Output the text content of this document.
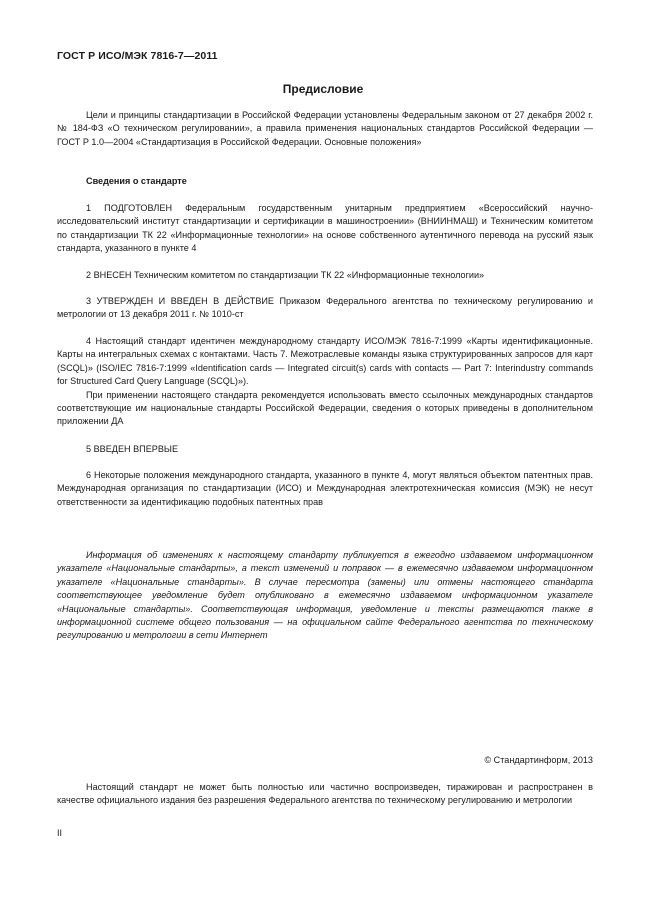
ГОСТ Р ИСО/МЭК 7816-7—2011
Предисловие

Цели и принципы стандартизации в Российской Федерации установлены Федеральным законом от 27 декабря 2002 г. № 184-ФЗ «О техническом регулировании», а правила применения национальных стандартов Российской Федерации — ГОСТ Р 1.0—2004 «Стандартизация в Российской Федерации. Основные положения»

Сведения о стандарте

1 ПОДГОТОВЛЕН Федеральным государственным унитарным предприятием «Всероссийский научно-исследовательский институт стандартизации и сертификации в машиностроении» (ВНИИНМАШ) и Техническим комитетом по стандартизации ТК 22 «Информационные технологии» на основе собственного аутентичного перевода на русский язык стандарта, указанного в пункте 4

2 ВНЕСЕН Техническим комитетом по стандартизации ТК 22 «Информационные технологии»

3 УТВЕРЖДЕН И ВВЕДЕН В ДЕЙСТВИЕ Приказом Федерального агентства по техническому регулированию и метрологии от 13 декабря 2011 г. № 1010-ст

4 Настоящий стандарт идентичен международному стандарту ИСО/МЭК 7816-7:1999 «Карты идентификационные. Карты на интегральных схемах с контактами. Часть 7. Межотраслевые команды языка структурированных запросов для карт (SCQL)» (ISO/IEC 7816-7:1999 «Identification cards — Integrated circuit(s) cards with contacts — Part 7: Interindustry commands for Structured Card Query Language (SCQL)»).

При применении настоящего стандарта рекомендуется использовать вместо ссылочных международных стандартов соответствующие им национальные стандарты Российской Федерации, сведения о которых приведены в дополнительном приложении ДА

5 ВВЕДЕН ВПЕРВЫЕ

6 Некоторые положения международного стандарта, указанного в пункте 4, могут являться объектом патентных прав. Международная организация по стандартизации (ИСО) и Международная электротехническая комиссия (МЭК) не несут ответственности за идентификацию подобных патентных прав

Информация об изменениях к настоящему стандарту публикуется в ежегодно издаваемом информационном указателе «Национальные стандарты», а текст изменений и поправок — в ежемесячно издаваемом информационном указателе «Национальные стандарты». В случае пересмотра (замены) или отмены настоящего стандарта соответствующее уведомление будет опубликовано в ежемесячно издаваемом информационном указателе «Национальные стандарты». Соответствующая информация, уведомление и тексты размещаются также в информационной системе общего пользования — на официальном сайте Федерального агентства по техническому регулированию и метрологии в сети Интернет

© Стандартинформ, 2013

Настоящий стандарт не может быть полностью или частично воспроизведен, тиражирован и распространен в качестве официального издания без разрешения Федерального агентства по техническому регулированию и метрологии

II
